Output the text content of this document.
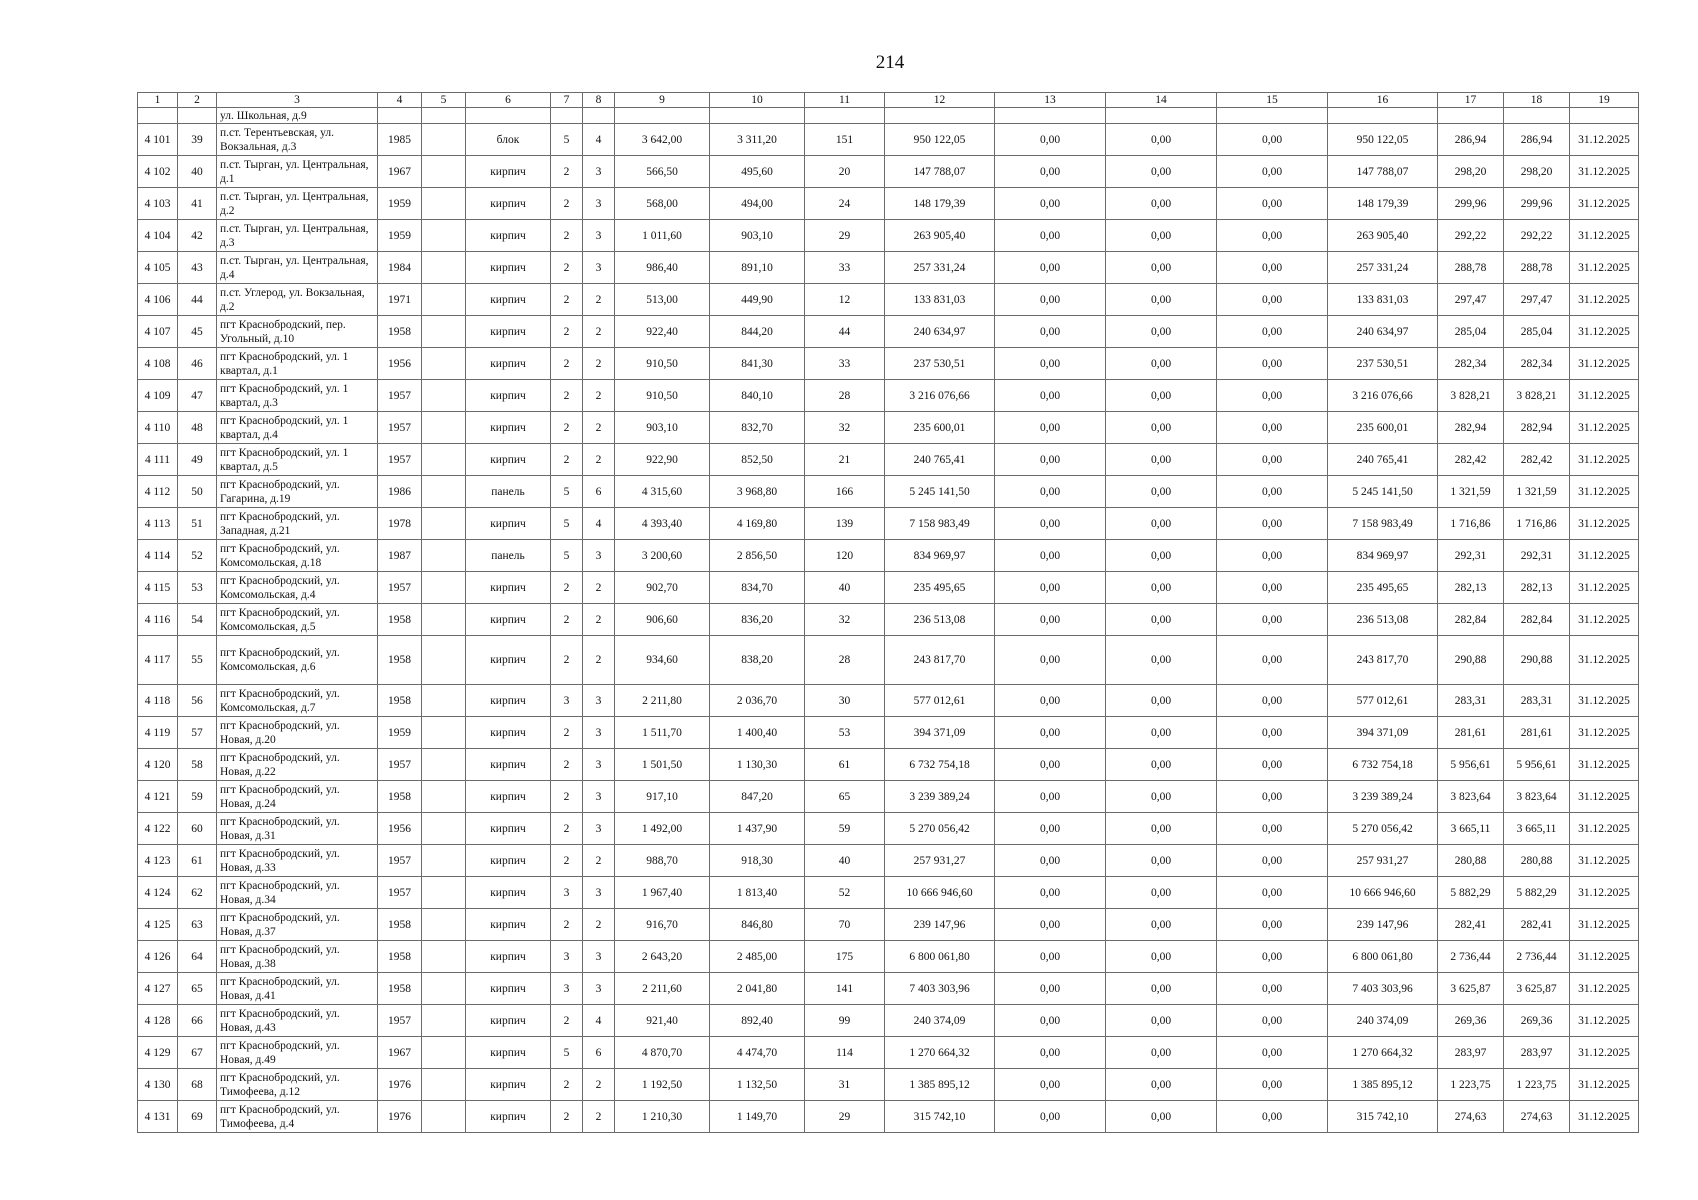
214
1	2	3	4	5	6	7	8	9	10	11	12	13	14	15	16	17	18	19
		ул. Школьная, д.9																
4 101	39	п.ст. Терентьевская, ул. Вокзальная, д.3	1985		блок	5	4	3 642,00	3 311,20	151	950 122,05	0,00	0,00	0,00	950 122,05	286,94	286,94	31.12.2025
4 102	40	п.ст. Тырган, ул. Центральная, д.1	1967		кирпич	2	3	566,50	495,60	20	147 788,07	0,00	0,00	0,00	147 788,07	298,20	298,20	31.12.2025
4 103	41	п.ст. Тырган, ул. Центральная, д.2	1959		кирпич	2	3	568,00	494,00	24	148 179,39	0,00	0,00	0,00	148 179,39	299,96	299,96	31.12.2025
4 104	42	п.ст. Тырган, ул. Центральная, д.3	1959		кирпич	2	3	1 011,60	903,10	29	263 905,40	0,00	0,00	0,00	263 905,40	292,22	292,22	31.12.2025
4 105	43	п.ст. Тырган, ул. Центральная, д.4	1984		кирпич	2	3	986,40	891,10	33	257 331,24	0,00	0,00	0,00	257 331,24	288,78	288,78	31.12.2025
4 106	44	п.ст. Углерод, ул. Вокзальная, д.2	1971		кирпич	2	2	513,00	449,90	12	133 831,03	0,00	0,00	0,00	133 831,03	297,47	297,47	31.12.2025
4 107	45	пгт Краснобродский, пер. Угольный, д.10	1958		кирпич	2	2	922,40	844,20	44	240 634,97	0,00	0,00	0,00	240 634,97	285,04	285,04	31.12.2025
4 108	46	пгт Краснобродский, ул. 1 квартал, д.1	1956		кирпич	2	2	910,50	841,30	33	237 530,51	0,00	0,00	0,00	237 530,51	282,34	282,34	31.12.2025
4 109	47	пгт Краснобродский, ул. 1 квартал, д.3	1957		кирпич	2	2	910,50	840,10	28	3 216 076,66	0,00	0,00	0,00	3 216 076,66	3 828,21	3 828,21	31.12.2025
4 110	48	пгт Краснобродский, ул. 1 квартал, д.4	1957		кирпич	2	2	903,10	832,70	32	235 600,01	0,00	0,00	0,00	235 600,01	282,94	282,94	31.12.2025
4 111	49	пгт Краснобродский, ул. 1 квартал, д.5	1957		кирпич	2	2	922,90	852,50	21	240 765,41	0,00	0,00	0,00	240 765,41	282,42	282,42	31.12.2025
4 112	50	пгт Краснобродский, ул. Гагарина, д.19	1986		панель	5	6	4 315,60	3 968,80	166	5 245 141,50	0,00	0,00	0,00	5 245 141,50	1 321,59	1 321,59	31.12.2025
4 113	51	пгт Краснобродский, ул. Западная, д.21	1978		кирпич	5	4	4 393,40	4 169,80	139	7 158 983,49	0,00	0,00	0,00	7 158 983,49	1 716,86	1 716,86	31.12.2025
4 114	52	пгт Краснобродский, ул. Комсомольская, д.18	1987		панель	5	3	3 200,60	2 856,50	120	834 969,97	0,00	0,00	0,00	834 969,97	292,31	292,31	31.12.2025
4 115	53	пгт Краснобродский, ул. Комсомольская, д.4	1957		кирпич	2	2	902,70	834,70	40	235 495,65	0,00	0,00	0,00	235 495,65	282,13	282,13	31.12.2025
4 116	54	пгт Краснобродский, ул. Комсомольская, д.5	1958		кирпич	2	2	906,60	836,20	32	236 513,08	0,00	0,00	0,00	236 513,08	282,84	282,84	31.12.2025
4 117	55	пгт Краснобродский, ул. Комсомольская, д.6	1958		кирпич	2	2	934,60	838,20	28	243 817,70	0,00	0,00	0,00	243 817,70	290,88	290,88	31.12.2025
4 118	56	пгт Краснобродский, ул. Комсомольская, д.7	1958		кирпич	3	3	2 211,80	2 036,70	30	577 012,61	0,00	0,00	0,00	577 012,61	283,31	283,31	31.12.2025
4 119	57	пгт Краснобродский, ул. Новая, д.20	1959		кирпич	2	3	1 511,70	1 400,40	53	394 371,09	0,00	0,00	0,00	394 371,09	281,61	281,61	31.12.2025
4 120	58	пгт Краснобродский, ул. Новая, д.22	1957		кирпич	2	3	1 501,50	1 130,30	61	6 732 754,18	0,00	0,00	0,00	6 732 754,18	5 956,61	5 956,61	31.12.2025
4 121	59	пгт Краснобродский, ул. Новая, д.24	1958		кирпич	2	3	917,10	847,20	65	3 239 389,24	0,00	0,00	0,00	3 239 389,24	3 823,64	3 823,64	31.12.2025
4 122	60	пгт Краснобродский, ул. Новая, д.31	1956		кирпич	2	3	1 492,00	1 437,90	59	5 270 056,42	0,00	0,00	0,00	5 270 056,42	3 665,11	3 665,11	31.12.2025
4 123	61	пгт Краснобродский, ул. Новая, д.33	1957		кирпич	2	2	988,70	918,30	40	257 931,27	0,00	0,00	0,00	257 931,27	280,88	280,88	31.12.2025
4 124	62	пгт Краснобродский, ул. Новая, д.34	1957		кирпич	3	3	1 967,40	1 813,40	52	10 666 946,60	0,00	0,00	0,00	10 666 946,60	5 882,29	5 882,29	31.12.2025
4 125	63	пгт Краснобродский, ул. Новая, д.37	1958		кирпич	2	2	916,70	846,80	70	239 147,96	0,00	0,00	0,00	239 147,96	282,41	282,41	31.12.2025
4 126	64	пгт Краснобродский, ул. Новая, д.38	1958		кирпич	3	3	2 643,20	2 485,00	175	6 800 061,80	0,00	0,00	0,00	6 800 061,80	2 736,44	2 736,44	31.12.2025
4 127	65	пгт Краснобродский, ул. Новая, д.41	1958		кирпич	3	3	2 211,60	2 041,80	141	7 403 303,96	0,00	0,00	0,00	7 403 303,96	3 625,87	3 625,87	31.12.2025
4 128	66	пгт Краснобродский, ул. Новая, д.43	1957		кирпич	2	4	921,40	892,40	99	240 374,09	0,00	0,00	0,00	240 374,09	269,36	269,36	31.12.2025
4 129	67	пгт Краснобродский, ул. Новая, д.49	1967		кирпич	5	6	4 870,70	4 474,70	114	1 270 664,32	0,00	0,00	0,00	1 270 664,32	283,97	283,97	31.12.2025
4 130	68	пгт Краснобродский, ул. Тимофеева, д.12	1976		кирпич	2	2	1 192,50	1 132,50	31	1 385 895,12	0,00	0,00	0,00	1 385 895,12	1 223,75	1 223,75	31.12.2025
4 131	69	пгт Краснобродский, ул. Тимофеева, д.4	1976		кирпич	2	2	1 210,30	1 149,70	29	315 742,10	0,00	0,00	0,00	315 742,10	274,63	274,63	31.12.2025
